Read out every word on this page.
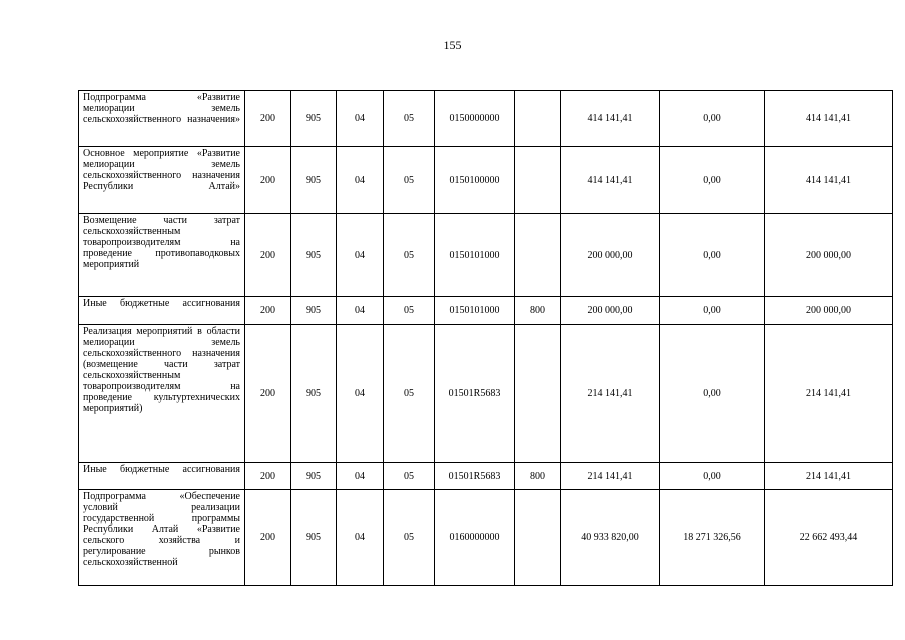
155
Подпрограмма «Развитие мелиорации земель сельскохозяйственного назначения»	200	905	04	05	0150000000		414 141,41	0,00	414 141,41

Основное мероприятие «Развитие мелиорации земель сельскохозяйственного назначения Республики Алтай»	200	905	04	05	0150100000		414 141,41	0,00	414 141,41

Возмещение части затрат сельскохозяйственным товаропроизводителям на проведение противопаводковых мероприятий	200	905	04	05	0150101000		200 000,00	0,00	200 000,00

Иные бюджетные ассигнования	200	905	04	05	0150101000	800	200 000,00	0,00	200 000,00

Реализация мероприятий в области мелиорации земель сельскохозяйственного назначения (возмещение части затрат сельскохозяйственным товаропроизводителям на проведение культуртехнических мероприятий)	200	905	04	05	01501R5683		214 141,41	0,00	214 141,41

Иные бюджетные ассигнования	200	905	04	05	01501R5683	800	214 141,41	0,00	214 141,41

Подпрограмма «Обеспечение условий реализации государственной программы Республики Алтай «Развитие сельского хозяйства и регулирование рынков сельскохозяйственной	200	905	04	05	0160000000		40 933 820,00	18 271 326,56	22 662 493,44
